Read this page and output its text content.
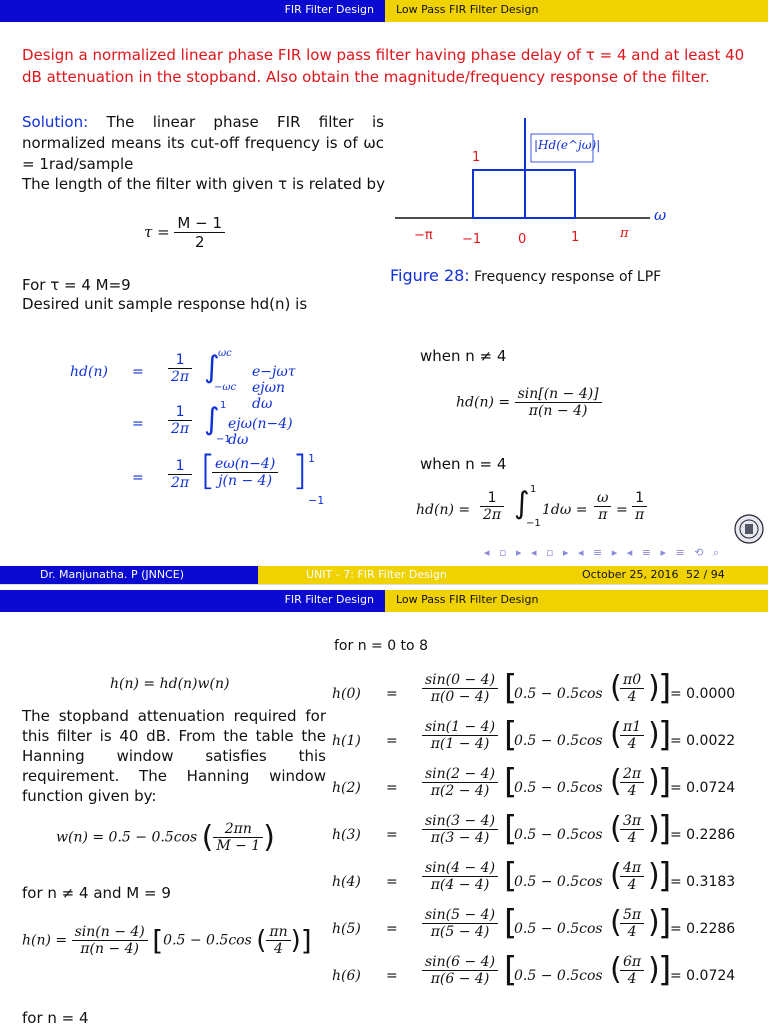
FIR Filter Design Low Pass FIR Filter Design
Design a normalized linear phase FIR low pass filter having phase delay of τ = 4 and at least 40 dB attenuation in the stopband. Also obtain the magnitude/frequency response of the filter.
Solution: The linear phase FIR filter is normalized means its cut-off frequency is of ωc = 1rad/sample
The length of the filter with given τ is related by
$\tau = \frac{M - 1}{2}$
For τ = 4 M=9
Desired unit sample response hd(n) is
1
|Hd(e^jω)|
ω
−π −1	0	1	π
Figure 28: Frequency response of LPF
$hd(n) = \frac{1}{2\pi}$ ∫
ωc
−ωc
e−jωτ ejωn dω
= $\frac{1}{2\pi}$ ∫ 1
−1
ejω(n−4) dω
= $\frac{1}{2\pi}$ [
$\frac{e\omega(n-4)}{j(n - 4)}$ ] 1
−1
when n ≠ 4
$hd(n) = \frac{\sin[(n - 4)]}{\pi(n - 4)}$
when n = 4
$hd(n) = \frac{1}{2\pi}$ ∫ 1
−1
$1d\omega = \frac{\omega}{\pi} = \frac{1}{\pi}$
◂ ▫ ▸ ◂ ▫ ▸ ◂ ≡ ▸ ◂ ≡ ▸ ≡ ⟲ ⌕
Dr. Manjunatha. P (JNNCE)	UNIT - 7: FIR Filter Design	October 25, 2016 52 / 94
FIR Filter Design Low Pass FIR Filter Design
h(n) = hd(n)w(n)
The stopband attenuation required for this filter is 40 dB. From the table the Hanning window satisfies this requirement. The Hanning window function given by:
w(n) = 0.5 − 0.5cos ( $\frac{2\pi n}{M - 1}$ )
for n ≠ 4 and M = 9
$h(n) = \frac{\sin(n - 4)}{\pi(n - 4)} [0.5 - 0.5\cos$ ( $\frac{\pi n}{4}$ )]
for n = 4
for n = 0 to 8
$h(0) = \frac{\sin(0 - 4)}{\pi(0 - 4)}$ [
0.5 − 0.5cos (
$\frac{\pi 0}{4}$ )
]
= 0.0000
$h(1) = \frac{\sin(1 - 4)}{\pi(1 - 4)}$ [
0.5 − 0.5cos (
$\frac{\pi 1}{4}$ )
]
= 0.0022
$h(2) = \frac{\sin(2 - 4)}{\pi(2 - 4)}$ [
0.5 − 0.5cos (
$\frac{2\pi}{4}$ )
]
= 0.0724
$h(3) = \frac{\sin(3 - 4)}{\pi(3 - 4)}$ [
0.5 − 0.5cos (
$\frac{3\pi}{4}$ )
]
= 0.2286
$h(4) = \frac{\sin(4 - 4)}{\pi(4 - 4)}$ [
0.5 − 0.5cos (
$\frac{4\pi}{4}$ )
]
= 0.3183
$h(5) = \frac{\sin(5 - 4)}{\pi(5 - 4)}$ [
0.5 − 0.5cos (
$\frac{5\pi}{4}$ )
]
= 0.2286
$h(6) = \frac{\sin(6 - 4)}{\pi(6 - 4)}$ [
0.5 − 0.5cos (
$\frac{6\pi}{4}$ )
]
= 0.0724
